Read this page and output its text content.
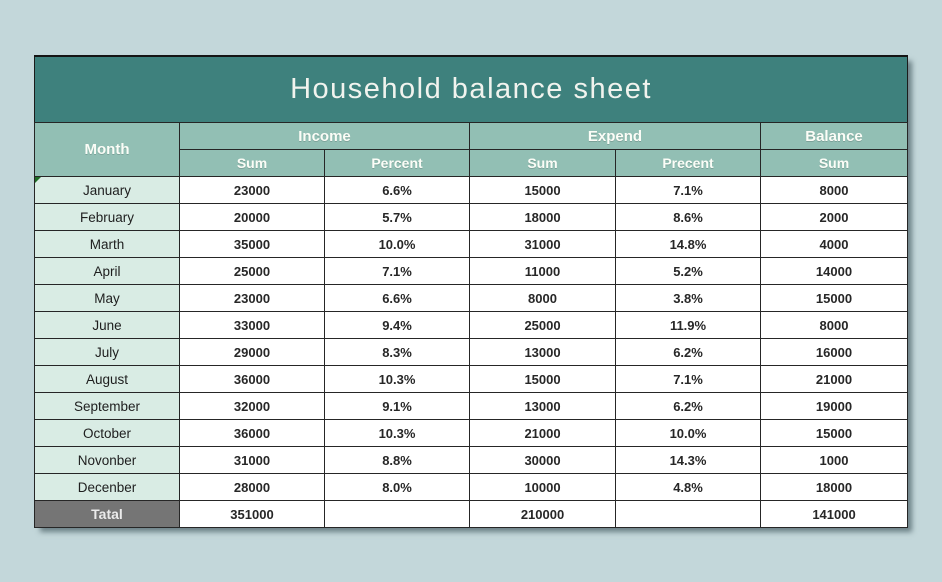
Household balance sheet
Month	Income		Expend		Balance
	Sum	Percent	Sum	Precent	Sum
January	23000	6.6%	15000	7.1%	8000
February	20000	5.7%	18000	8.6%	2000
Marth	35000	10.0%	31000	14.8%	4000
April	25000	7.1%	11000	5.2%	14000
May	23000	6.6%	8000	3.8%	15000
June	33000	9.4%	25000	11.9%	8000
July	29000	8.3%	13000	6.2%	16000
August	36000	10.3%	15000	7.1%	21000
September	32000	9.1%	13000	6.2%	19000
October	36000	10.3%	21000	10.0%	15000
Novonber	31000	8.8%	30000	14.3%	1000
Decenber	28000	8.0%	10000	4.8%	18000
Tatal	351000		210000		141000
